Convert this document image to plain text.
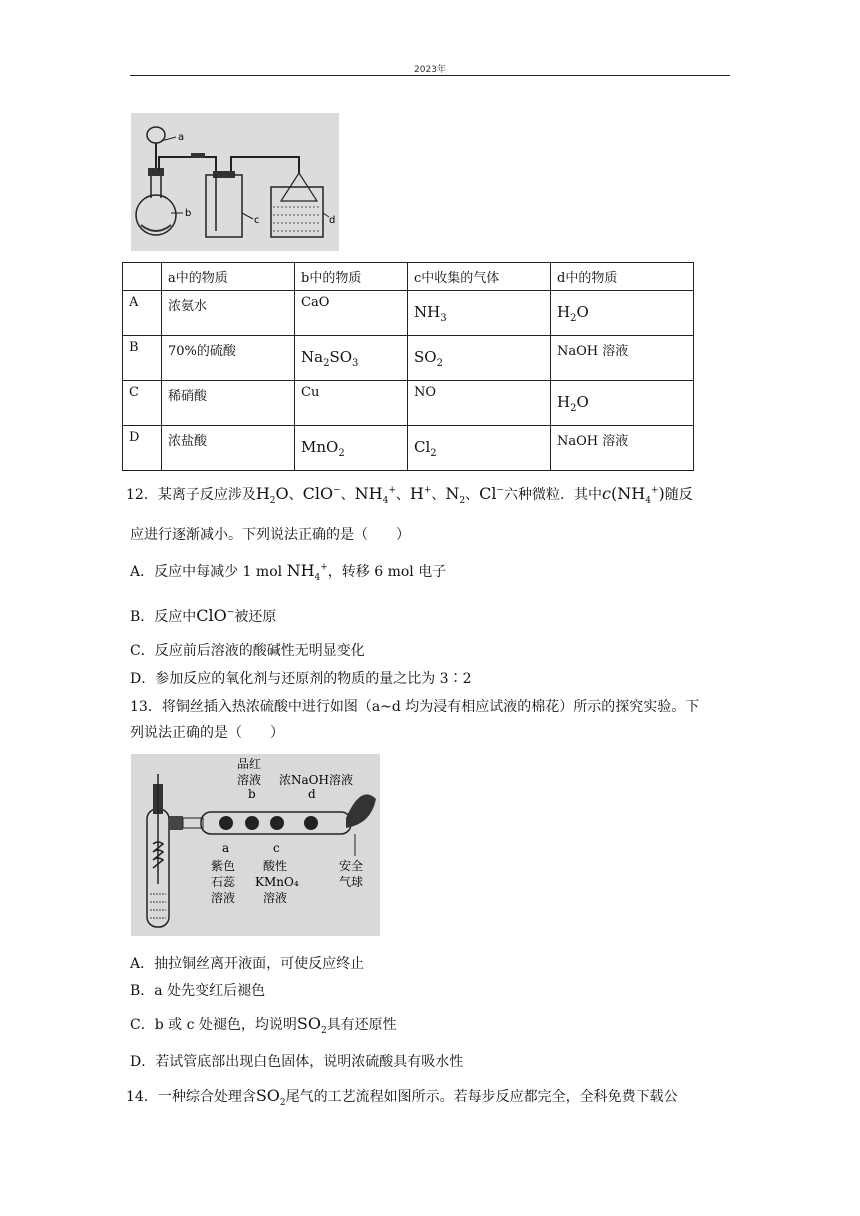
2023年
a
b
c	d
	a中的物质	b中的物质	c中收集的气体	d中的物质
A	浓氨水	CaO	$NH_3$	$H_2O$
B	70%的硫酸	$Na_2SO_3$	$SO_2$	NaOH 溶液
C	稀硝酸	Cu	NO	$H_2O$
D	浓盐酸	MnO$_2$	$Cl_2$	NaOH 溶液
12．某离子反应涉及$H_2O$、ClO−、$NH_4^+$、H+、$N_2$、Cl−六种微粒．其中$c(NH_4^+)$随反
应进行逐渐减小。下列说法正确的是（　　）
A．反应中每减少 1 mol $NH_4^+$，转移 6 mol 电子
B．反应中ClO−被还原
C．反应前后溶液的酸碱性无明显变化
D．参加反应的氧化剂与还原剂的物质的量之比为 3∶2
13．将铜丝插入热浓硫酸中进行如图（a~d 均为浸有相应试液的棉花）所示的探究实验。下
列说法正确的是（　　）
品红
溶液
b
浓NaOH溶液
d
a	c
紫色
石蕊
溶液
酸性
KMnO₄
溶液
安全
气球
A．抽拉铜丝离开液面，可使反应终止
B．a 处先变红后褪色
C．b 或 c 处褪色，均说明$SO_2$具有还原性
D．若试管底部出现白色固体，说明浓硫酸具有吸水性
14．一种综合处理含$SO_2$尾气的工艺流程如图所示。若每步反应都完全，全科免费下载公
